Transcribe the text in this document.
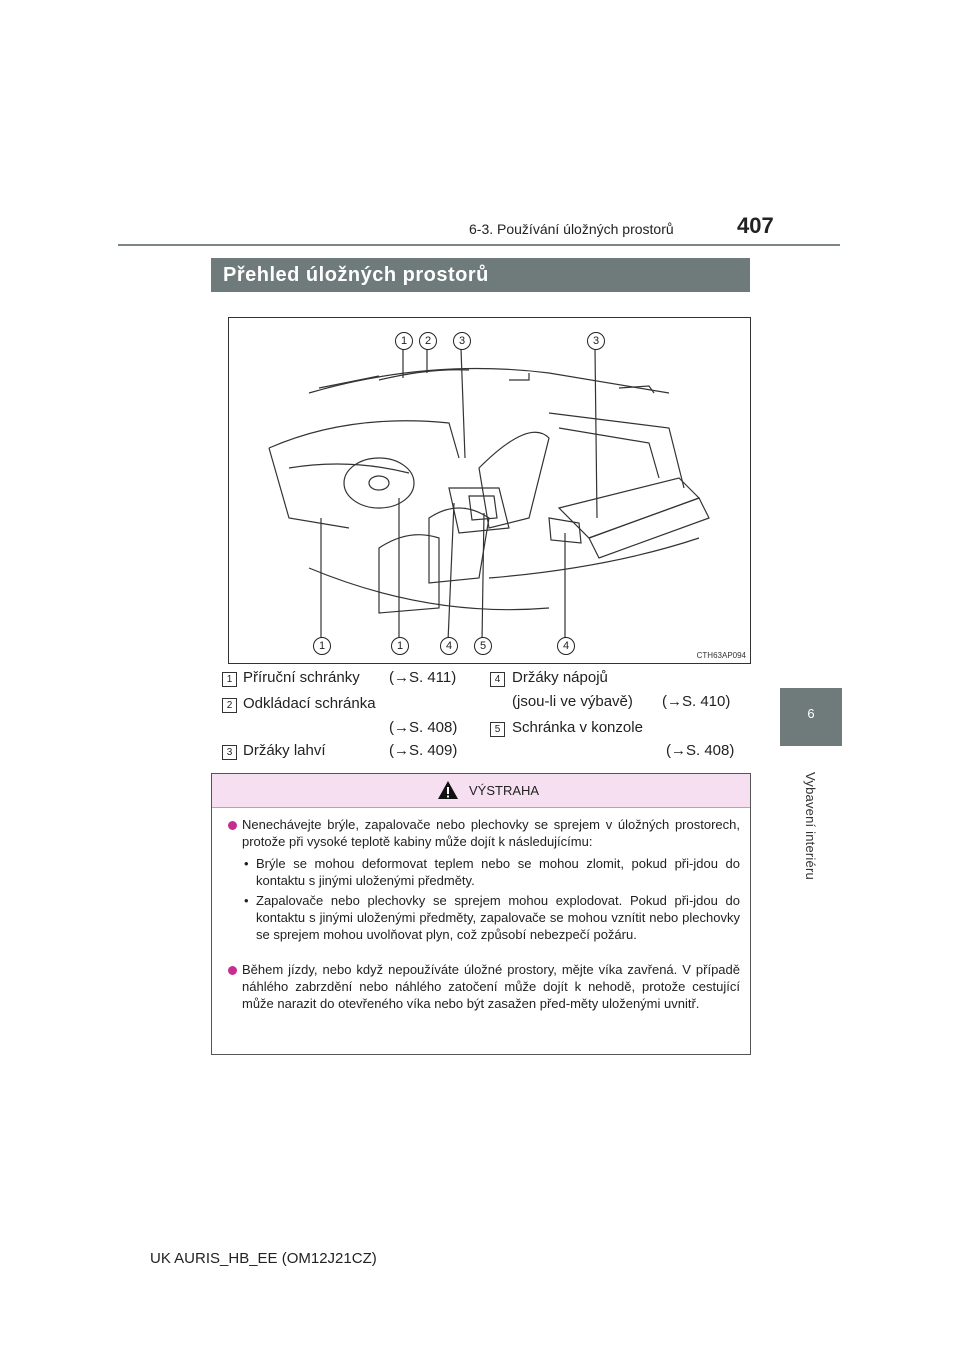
6-3. Používání úložných prostorů	407
6
Vybavení interiéru
Přehled úložných prostorů
1	2	3	3
1	1	4	5	4
CTH63AP094
1 Příruční schránky (→S. 411)
2 Odkládací schránka
(→S. 408)
3 Držáky lahví	(→S. 409)
4 Držáky nápojů
(jsou-li ve výbavě) (→S. 410)
5 Schránka v konzole
(→S. 408)
VÝSTRAHA
Nenechávejte brýle, zapalovače nebo plechovky se sprejem v úložných prostorech, protože při vysoké teplotě kabiny může dojít k následujícímu:
• Brýle se mohou deformovat teplem nebo se mohou zlomit, pokud při-jdou do kontaktu s jinými uloženými předměty.
• Zapalovače nebo plechovky se sprejem mohou explodovat. Pokud při-jdou do kontaktu s jinými uloženými předměty, zapalovače se mohou vznítit nebo plechovky se sprejem mohou uvolňovat plyn, což způsobí nebezpečí požáru.
Během jízdy, nebo když nepoužíváte úložné prostory, mějte víka zavřená. V případě náhlého zabrzdění nebo náhlého zatočení může dojít k nehodě, protože cestující může narazit do otevřeného víka nebo být zasažen před-měty uloženými uvnitř.
UK AURIS_HB_EE (OM12J21CZ)
